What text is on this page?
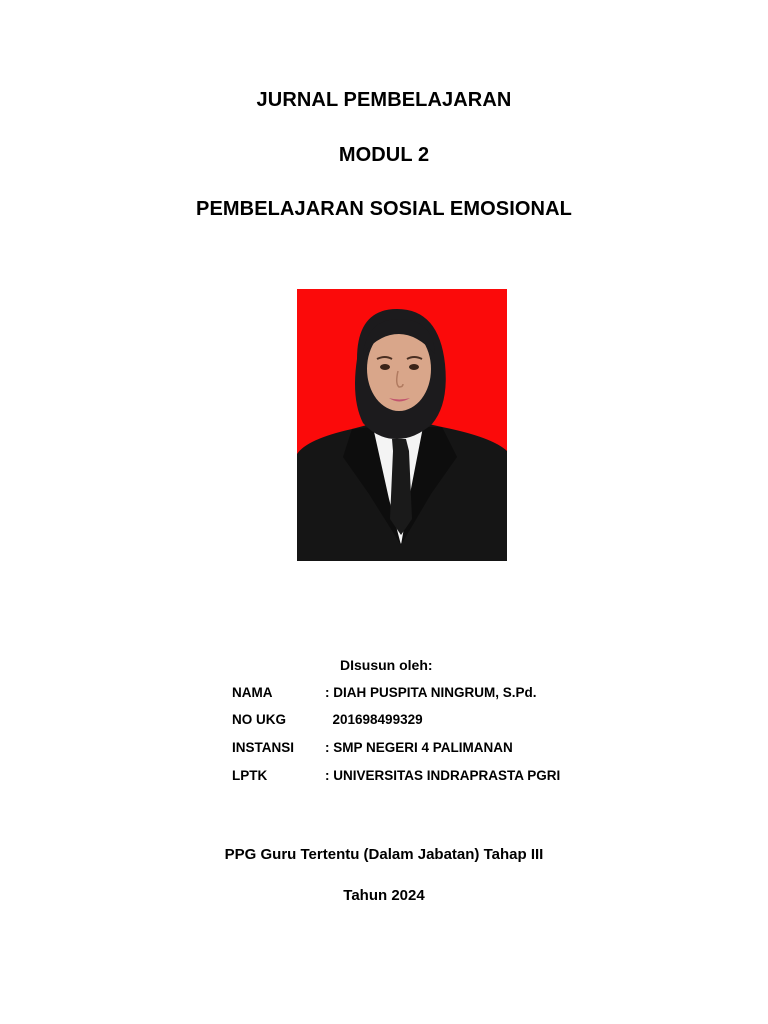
JURNAL PEMBELAJARAN
MODUL 2
PEMBELAJARAN SOSIAL EMOSIONAL
DIsusun oleh:
NAMA	: DIAH PUSPITA NINGRUM, S.Pd.
NO UKG	201698499329
INSTANSI : SMP NEGERI 4 PALIMANAN
LPTK	: UNIVERSITAS INDRAPRASTA PGRI
PPG Guru Tertentu (Dalam Jabatan) Tahap III
Tahun 2024
